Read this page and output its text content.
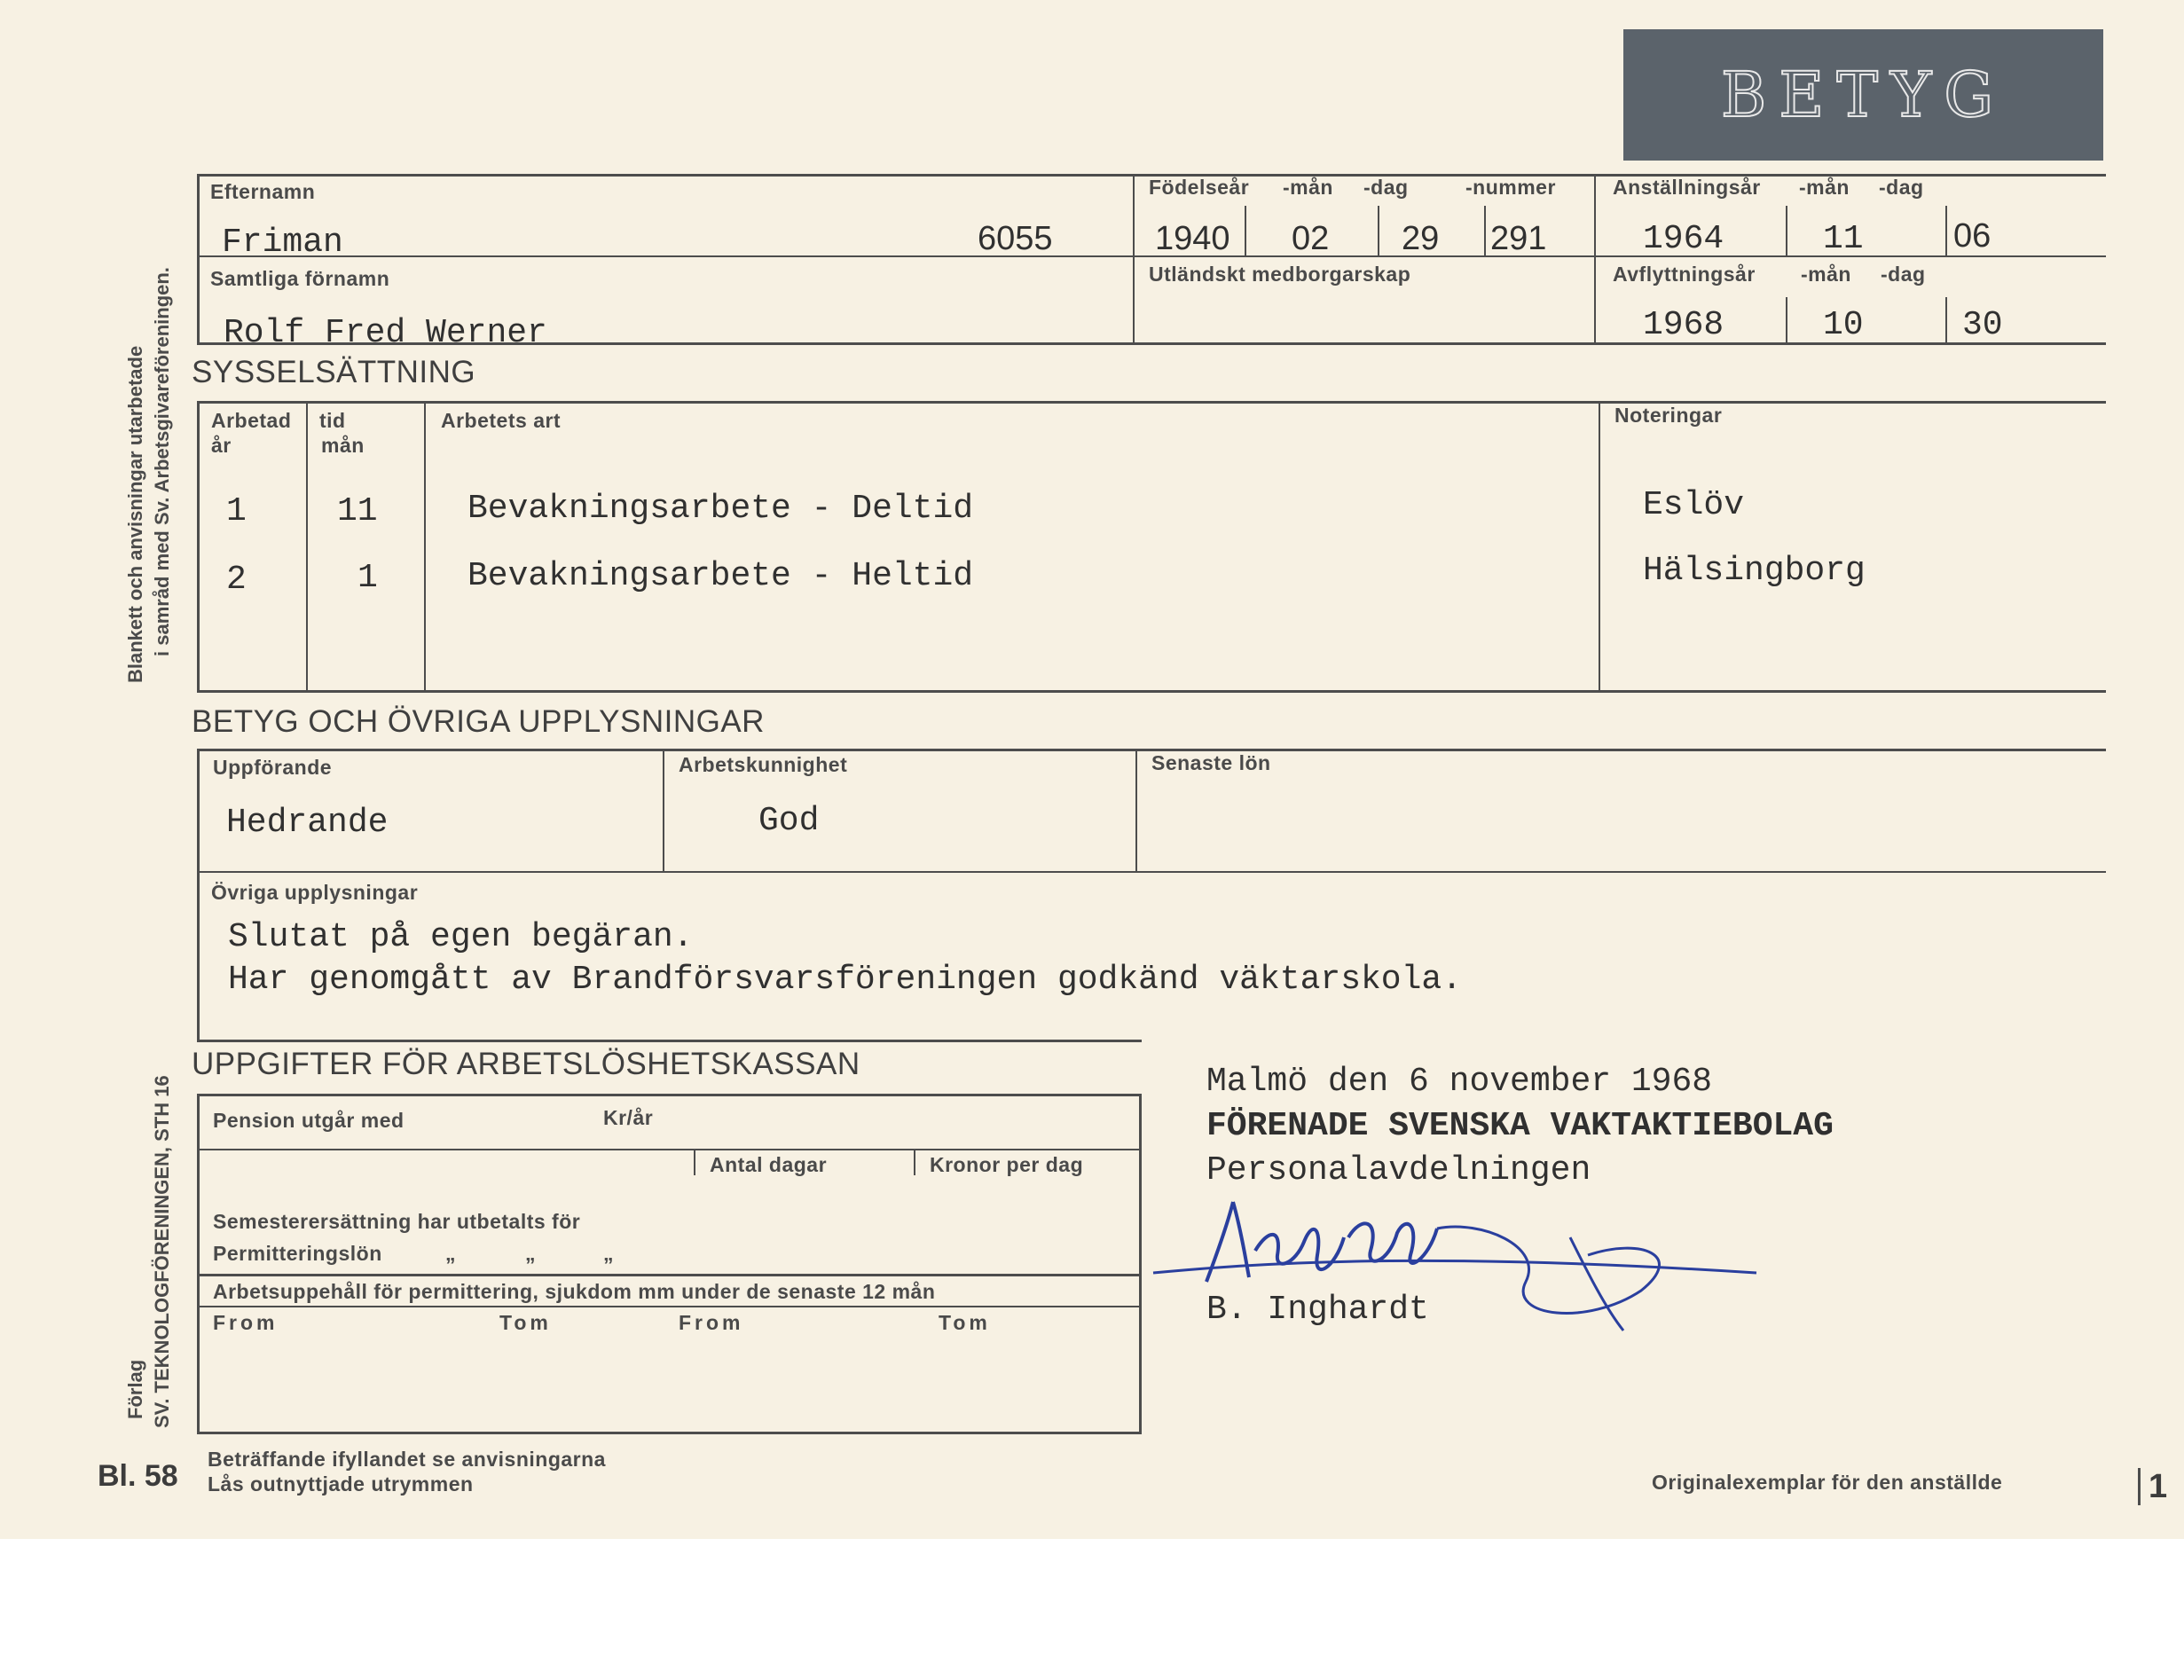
BETYG
Blankett och anvisningar utarbetade i samråd med Sv. Arbetsgivareföreningen.
Förlag SV. TEKNOLOGFÖRENINGEN, STH 16
Efternamn
Friman	6055
Födelseår -mån -dag	-nummer
1940 02 29 291
Anställningsår -mån -dag
1964	11	06
Samtliga förnamn
Rolf Fred Werner
Utländskt medborgarskap	Avflyttningsår -mån -dag
1968	10	30
SYSSELSÄTTNING
Arbetad
år
tid
mån
Arbetets art	Noteringar
1	11	Bevakningsarbete - Deltid	Eslöv
2	1	Bevakningsarbete - Heltid	Hälsingborg
BETYG OCH ÖVRIGA UPPLYSNINGAR
Uppförande
Hedrande
Arbetskunnighet
God
Senaste lön
Övriga upplysningar
Slutat på egen begäran.
Har genomgått av Brandförsvarsföreningen godkänd väktarskola.
UPPGIFTER FÖR ARBETSLÖSHETSKASSAN
Pension utgår med	Kr/år
Antal dagar	Kronor per dag
Semesterersättning har utbetalts för
Permitteringslön	„	„	„
Arbetsuppehåll för permittering, sjukdom mm under de senaste 12 mån
From	Tom	From	Tom
Malmö den 6 november 1968
FÖRENADE SVENSKA VAKTAKTIEBOLAG
Personalavdelningen
B. Inghardt
Bl. 58 Beträffande ifyllandet se anvisningarna
Lås outnyttjade utrymmen	Originalexemplar för den anställde	1
